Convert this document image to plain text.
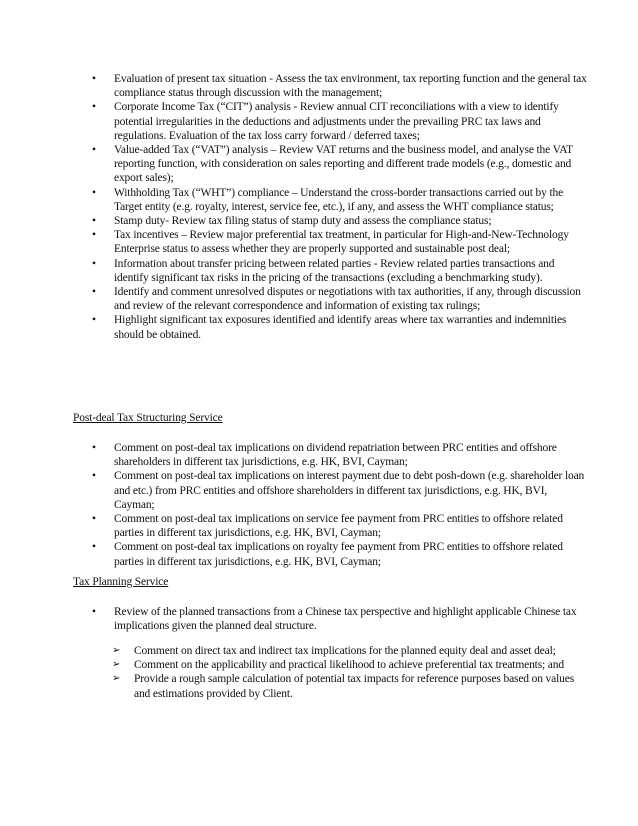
• Evaluation of present tax situation - Assess the tax environment, tax reporting function and the general tax compliance status through discussion with the management;
• Corporate Income Tax (“CIT”) analysis - Review annual CIT reconciliations with a view to identify potential irregularities in the deductions and adjustments under the prevailing PRC tax laws and regulations. Evaluation of the tax loss carry forward / deferred taxes;
• Value-added Tax (“VAT”) analysis – Review VAT returns and the business model, and analyse the VAT reporting function, with consideration on sales reporting and different trade models (e.g., domestic and export sales);
• Withholding Tax (“WHT”) compliance – Understand the cross-border transactions carried out by the Target entity (e.g. royalty, interest, service fee, etc.), if any, and assess the WHT compliance status;
• Stamp duty- Review tax filing status of stamp duty and assess the compliance status;
• Tax incentives – Review major preferential tax treatment, in particular for High-and-New-Technology Enterprise status to assess whether they are properly supported and sustainable post deal;
• Information about transfer pricing between related parties - Review related parties transactions and identify significant tax risks in the pricing of the transactions (excluding a benchmarking study).
• Identify and comment unresolved disputes or negotiations with tax authorities, if any, through discussion and review of the relevant correspondence and information of existing tax rulings;
• Highlight significant tax exposures identified and identify areas where tax warranties and indemnities should be obtained.
Post-deal Tax Structuring Service
• Comment on post-deal tax implications on dividend repatriation between PRC entities and offshore shareholders in different tax jurisdictions, e.g. HK, BVI, Cayman;
• Comment on post-deal tax implications on interest payment due to debt posh-down (e.g. shareholder loan and etc.) from PRC entities and offshore shareholders in different tax jurisdictions, e.g. HK, BVI, Cayman;
• Comment on post-deal tax implications on service fee payment from PRC entities to offshore related parties in different tax jurisdictions, e.g. HK, BVI, Cayman;
• Comment on post-deal tax implications on royalty fee payment from PRC entities to offshore related parties in different tax jurisdictions, e.g. HK, BVI, Cayman;
Tax Planning Service
• Review of the planned transactions from a Chinese tax perspective and highlight applicable Chinese tax implications given the planned deal structure.
➢ Comment on direct tax and indirect tax implications for the planned equity deal and asset deal;
➢ Comment on the applicability and practical likelihood to achieve preferential tax treatments; and
➢ Provide a rough sample calculation of potential tax impacts for reference purposes based on values and estimations provided by Client.
